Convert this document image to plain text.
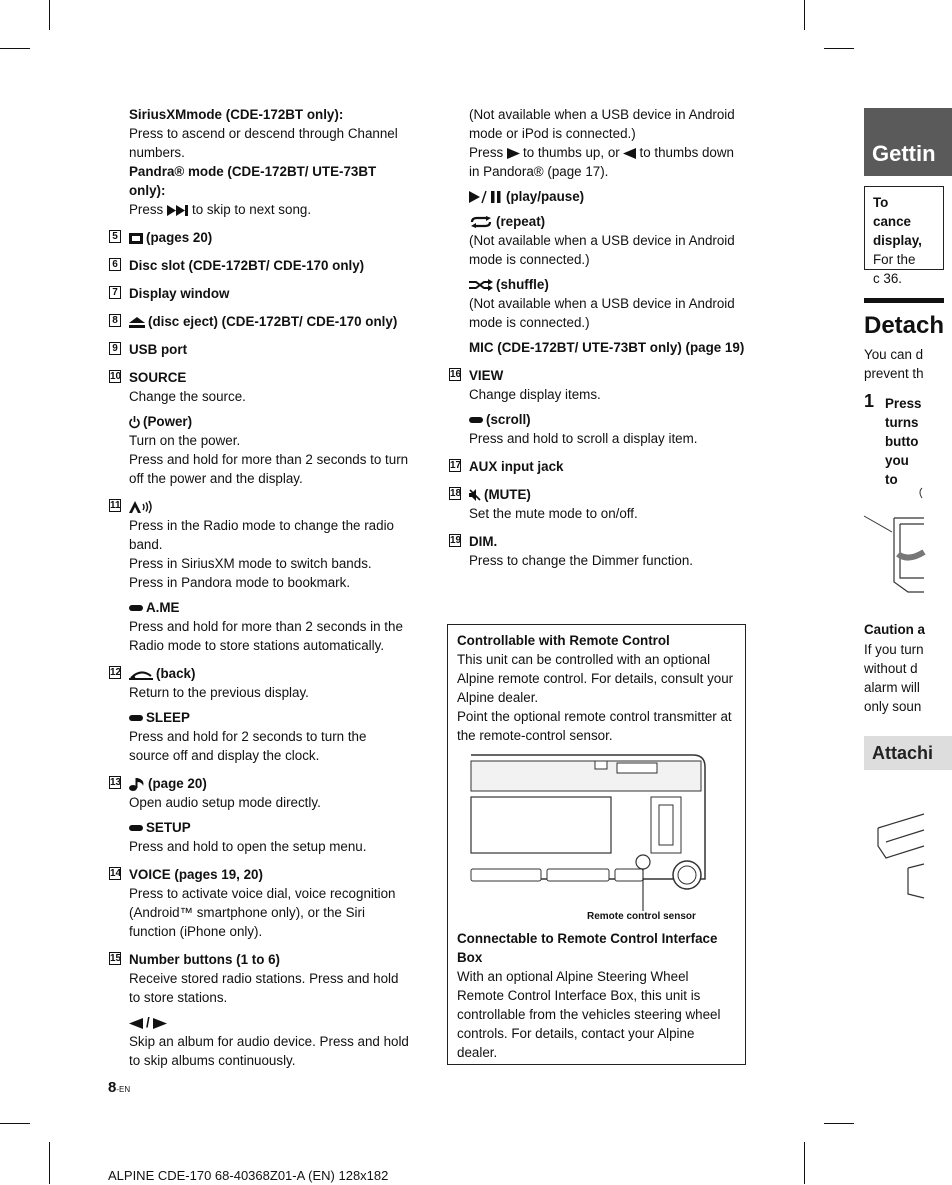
SiriusXMmode (CDE-172BT only):

Press to ascend or descend through Channel numbers.

Pandra® mode (CDE-172BT/ UTE-73BT only):

Press to skip to next song.

5	(pages 20)

6 Disc slot (CDE-172BT/ CDE-170 only)

7 Display window

8	(disc eject) (CDE-172BT/ CDE-170 only)

9 USB port

10 SOURCE

Change the source.

(Power)

Turn on the power.

Press and hold for more than 2 seconds to turn off the power and the display.

11

Press in the Radio mode to change the radio band.

Press in SiriusXM mode to switch bands.

Press in Pandora mode to bookmark.

A.ME

Press and hold for more than 2 seconds in the Radio mode to store stations automatically.

12	(back)

Return to the previous display.

SLEEP

Press and hold for 2 seconds to turn the source off and display the clock.

13	(page 20)

Open audio setup mode directly.

SETUP

Press and hold to open the setup menu.

14 VOICE (pages 19, 20)

Press to activate voice dial, voice recognition (Android™ smartphone only), or the Siri function (iPhone only).

15 Number buttons (1 to 6)

Receive stored radio stations. Press and hold to store stations.

/

Skip an album for audio device. Press and hold to skip albums continuously.

8-EN
ALPINE CDE-170 68-40368Z01-A (EN) 128x182

(Not available when a USB device in Android mode or iPod is connected.)

Press to thumbs up, or to thumbs down in Pandora® (page 17).

(play/pause)

(repeat)

(Not available when a USB device in Android mode is connected.)

(shuffle)

(Not available when a USB device in Android mode is connected.)

MIC (CDE-172BT/ UTE-73BT only) (page 19)

16 VIEW

Change display items.

(scroll)

Press and hold to scroll a display item.

17 AUX input jack

18	(MUTE)

Set the mute mode to on/off.

19 DIM.

Press to change the Dimmer function.

Controllable with Remote Control

This unit can be controlled with an optional Alpine remote control. For details, consult your Alpine dealer.

Point the optional remote control transmitter at the remote-control sensor.

Remote control sensor

Connectable to Remote Control Interface Box

With an optional Alpine Steering Wheel Remote Control Interface Box, this unit is controllable from the vehicles steering wheel controls. For details, contact your Alpine dealer.

Gettin

To cance display,

For the c 36.

Detach

You can d prevent th

1 Press turns butto you to

Caution a

If you turn without d alarm will only soun

Attachi
